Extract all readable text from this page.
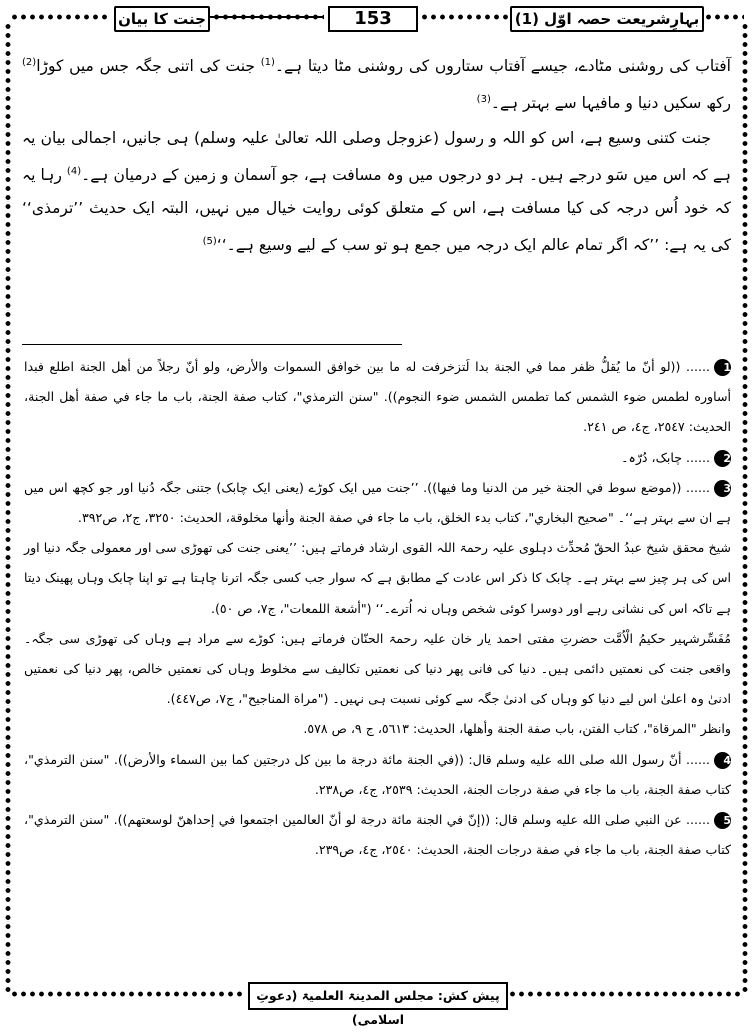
جنت کا بیان	153	بہارِشریعت حصہ اوّل (1)

آفتاب کی روشنی مٹادے، جیسے آفتاب ستاروں کی روشنی مٹا دیتا ہے۔$^{(1)}$ جنت کی اتنی جگہ جس میں کوڑا$^{(2)}$ رکھ سکیں دنیا و مافیہا سے بہتر ہے۔$^{(3)}$

جنت کتنی وسیع ہے، اس کو اللہ و رسول (عزوجل وصلی اللہ تعالیٰ علیہ وسلم) ہی جانیں، اجمالی بیان یہ ہے کہ اس میں سَو درجے ہیں۔ ہر دو درجوں میں وہ مسافت ہے، جو آسمان و زمین کے درمیان ہے۔$^{(4)}$ رہا یہ کہ خود اُس درجہ کی کیا مسافت ہے، اس کے متعلق کوئی روایت خیال میں نہیں، البتہ ایک حدیث ’’ترمذی‘‘ کی یہ ہے: ’’کہ اگر تمام عالم ایک درجہ میں جمع ہو تو سب کے لیے وسیع ہے۔‘‘$^{(5)}$

1...... ((لو أنّ ما يُقلُّ ظفر مما في الجنة بدا لَتزخرفت له ما بين خوافق السموات والأرض، ولو أنّ رجلاً من أهل الجنة اطلع فبدا أساوره لطمس ضوء الشمس كما تطمس الشمس ضوء النجوم)). "سنن الترمذي"، كتاب صفة الجنة، باب ما جاء في صفة أهل الجنة، الحديث: ٢٥٤٧، ج٤، ص ٢٤١.

2...... چابک، دُرّہ۔

3...... ((موضع سوط في الجنة خير من الدنيا وما فيها)). ’’جنت میں ایک کوڑے (یعنی ایک چابک) جتنی جگہ دُنیا اور جو کچھ اس میں ہے ان سے بہتر ہے‘‘۔ "صحيح البخاري"، كتاب بدء الخلق، باب ما جاء في صفة الجنة وأنها مخلوقة، الحديث: ٣٢٥٠، ج٢، ص٣٩٢.

شیخ محقق شیخ عبدُ الحقّ مُحدِّث دہلوی علیہ رحمۃ اللہ القوی ارشاد فرماتے ہیں: ’’یعنی جنت کی تھوڑی سی اور معمولی جگہ دنیا اور اس کی ہر چیز سے بہتر ہے۔ چابک کا ذکر اس عادت کے مطابق ہے کہ سوار جب کسی جگہ اترنا چاہتا ہے تو اپنا چابک وہاں پھینک دیتا ہے تاکہ اس کی نشانی رہے اور دوسرا کوئی شخص وہاں نہ اُترے۔‘‘ ("أشعة اللمعات"، ج٧، ص ٥٠).

مُفَسِّرشہیر حکیمُ الْاُمَّت حضرتِ مفتی احمد یار خان علیہ رحمۃ الحنّان فرماتے ہیں: کوڑے سے مراد ہے وہاں کی تھوڑی سی جگہ۔ واقعی جنت کی نعمتیں دائمی ہیں۔ دنیا کی فانی پھر دنیا کی نعمتیں تکالیف سے مخلوط وہاں کی نعمتیں خالص، پھر دنیا کی نعمتیں ادنیٰ وہ اعلیٰ اس لیے دنیا کو وہاں کی ادنیٰ جگہ سے کوئی نسبت ہی نہیں۔ ("مراة المناجيح"، ج٧، ص٤٤٧).

وانظر "المرقاة"، كتاب الفتن، باب صفة الجنة وأهلها، الحديث: ٥٦١٣، ج ٩، ص ٥٧٨.

4...... أنّ رسول الله صلى الله عليه وسلم قال: ((في الجنة مائة درجة ما بين كل درجتين كما بين السماء والأرض)). "سنن الترمذي"، كتاب صفة الجنة، باب ما جاء في صفة درجات الجنة، الحديث: ٢٥٣٩، ج٤، ص٢٣٨.

5...... عن النبي صلى الله عليه وسلم قال: ((إنّ في الجنة مائة درجة لو أنّ العالمين اجتمعوا في إحداهنّ لوسعتهم)). "سنن الترمذي"، كتاب صفة الجنة، باب ما جاء في صفة درجات الجنة، الحديث: ٢٥٤٠، ج٤، ص٢٣٩.

پیش کش: مجلس المدینۃ العلمیۃ (دعوتِ اسلامی)
